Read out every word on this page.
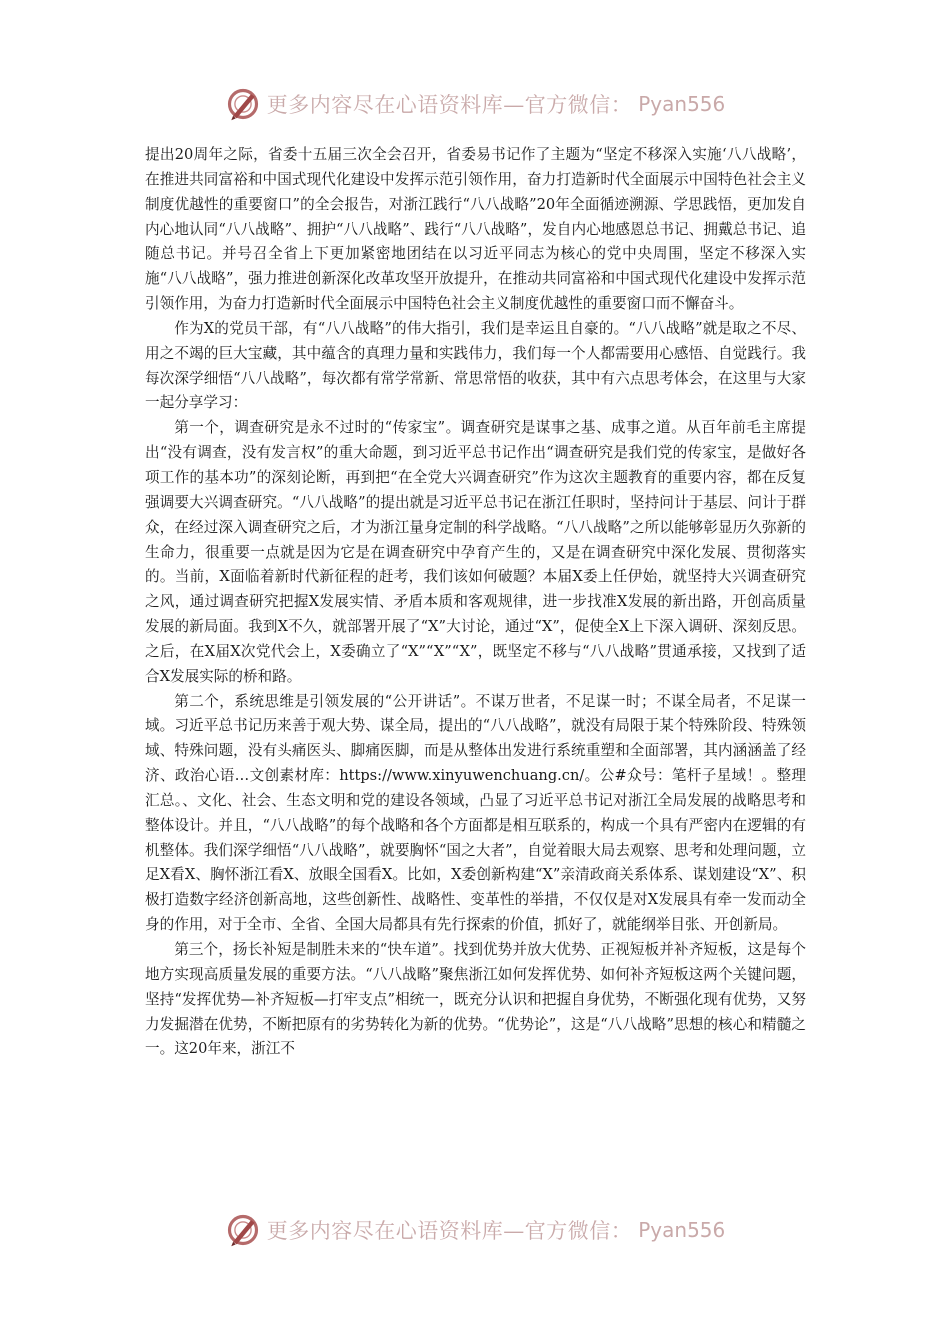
更多内容尽在心语资料库—官方微信： Pyan556

提出20周年之际，省委十五届三次全会召开，省委易书记作了主题为“坚定不移深入实施‘八八战略’，在推进共同富裕和中国式现代化建设中发挥示范引领作用，奋力打造新时代全面展示中国特色社会主义制度优越性的重要窗口”的全会报告，对浙江践行“八八战略”20年全面循迹溯源、学思践悟，更加发自内心地认同“八八战略”、拥护“八八战略”、践行“八八战略”，发自内心地感恩总书记、拥戴总书记、追随总书记。并号召全省上下更加紧密地团结在以习近平同志为核心的党中央周围，坚定不移深入实施“八八战略”，强力推进创新深化改革攻坚开放提升，在推动共同富裕和中国式现代化建设中发挥示范引领作用，为奋力打造新时代全面展示中国特色社会主义制度优越性的重要窗口而不懈奋斗。

作为X的党员干部，有“八八战略”的伟大指引，我们是幸运且自豪的。“八八战略”就是取之不尽、用之不竭的巨大宝藏，其中蕴含的真理力量和实践伟力，我们每一个人都需要用心感悟、自觉践行。我每次深学细悟“八八战略”，每次都有常学常新、常思常悟的收获，其中有六点思考体会，在这里与大家一起分享学习：

第一个，调查研究是永不过时的“传家宝”。调查研究是谋事之基、成事之道。从百年前毛主席提出“没有调查，没有发言权”的重大命题，到习近平总书记作出“调查研究是我们党的传家宝，是做好各项工作的基本功”的深刻论断，再到把“在全党大兴调查研究”作为这次主题教育的重要内容，都在反复强调要大兴调查研究。“八八战略”的提出就是习近平总书记在浙江任职时，坚持问计于基层、问计于群众，在经过深入调查研究之后，才为浙江量身定制的科学战略。“八八战略”之所以能够彰显历久弥新的生命力，很重要一点就是因为它是在调查研究中孕育产生的，又是在调查研究中深化发展、贯彻落实的。当前，X面临着新时代新征程的赶考，我们该如何破题？本届X委上任伊始，就坚持大兴调查研究之风，通过调查研究把握X发展实情、矛盾本质和客观规律，进一步找准X发展的新出路，开创高质量发展的新局面。我到X不久，就部署开展了“X”大讨论，通过“X”，促使全X上下深入调研、深刻反思。之后，在X届X次党代会上，X委确立了“X”“X”“X”，既坚定不移与“八八战略”贯通承接，又找到了适合X发展实际的桥和路。

第二个，系统思维是引领发展的“公开讲话”。不谋万世者，不足谋一时；不谋全局者，不足谋一域。习近平总书记历来善于观大势、谋全局，提出的“八八战略”，就没有局限于某个特殊阶段、特殊领域、特殊问题，没有头痛医头、脚痛医脚，而是从整体出发进行系统重塑和全面部署，其内涵涵盖了经济、政治心语…文创素材库：https://www.xinyuwenchuang.cn/。公#众号：笔杆子星域！。整理汇总。、文化、社会、生态文明和党的建设各领域，凸显了习近平总书记对浙江全局发展的战略思考和整体设计。并且，“八八战略”的每个战略和各个方面都是相互联系的，构成一个具有严密内在逻辑的有机整体。我们深学细悟“八八战略”，就要胸怀“国之大者”，自觉着眼大局去观察、思考和处理问题，立足X看X、胸怀浙江看X、放眼全国看X。比如，X委创新构建“X”亲清政商关系体系、谋划建设“X”、积极打造数字经济创新高地，这些创新性、战略性、变革性的举措，不仅仅是对X发展具有牵一发而动全身的作用，对于全市、全省、全国大局都具有先行探索的价值，抓好了，就能纲举目张、开创新局。

第三个，扬长补短是制胜未来的“快车道”。找到优势并放大优势、正视短板并补齐短板，这是每个地方实现高质量发展的重要方法。“八八战略”聚焦浙江如何发挥优势、如何补齐短板这两个关键问题，坚持“发挥优势—补齐短板—打牢支点”相统一，既充分认识和把握自身优势，不断强化现有优势，又努力发掘潜在优势，不断把原有的劣势转化为新的优势。“优势论”，这是“八八战略”思想的核心和精髓之一。这20年来，浙江不

更多内容尽在心语资料库—官方微信： Pyan556
